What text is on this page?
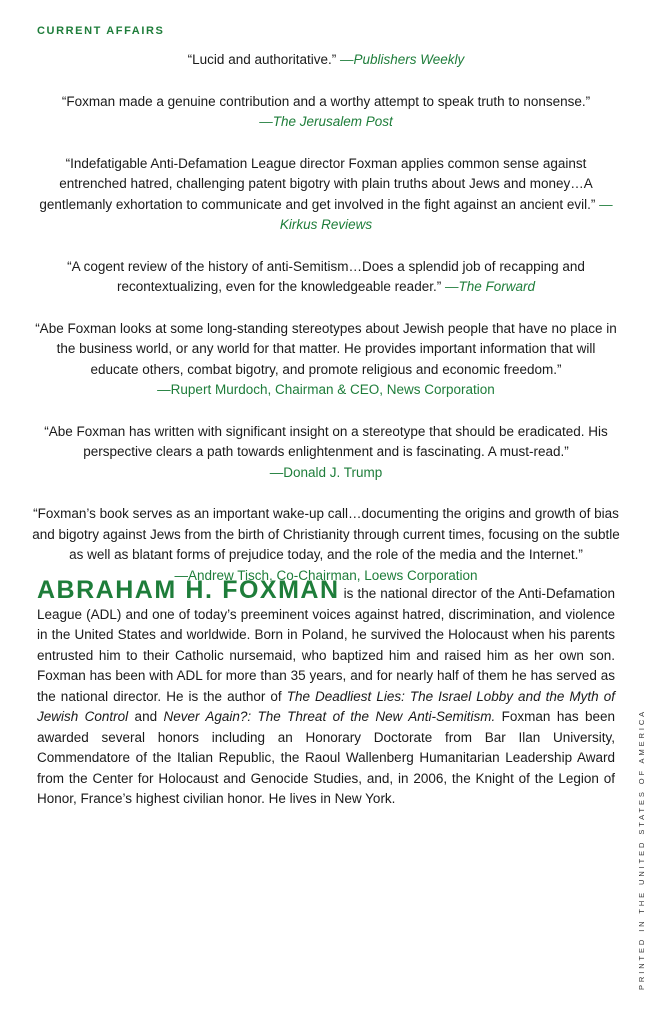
CURRENT AFFAIRS

“Lucid and authoritative.” —Publishers Weekly

“Foxman made a genuine contribution and a worthy attempt to speak truth to nonsense.”
—The Jerusalem Post

“Indefatigable Anti-Defamation League director Foxman applies common sense against entrenched hatred, challenging patent bigotry with plain truths about Jews and money…A gentlemanly exhortation to communicate and get involved in the fight against an ancient evil.” —Kirkus Reviews

“A cogent review of the history of anti-Semitism…Does a splendid job of recapping and recontextualizing, even for the knowledgeable reader.” —The Forward

“Abe Foxman looks at some long-standing stereotypes about Jewish people that have no place in the business world, or any world for that matter. He provides important information that will educate others, combat bigotry, and promote religious and economic freedom.”
—Rupert Murdoch, Chairman & CEO, News Corporation

“Abe Foxman has written with significant insight on a stereotype that should be eradicated. His perspective clears a path towards enlightenment and is fascinating. A must-read.”
—Donald J. Trump

“Foxman’s book serves as an important wake-up call…documenting the origins and growth of bias and bigotry against Jews from the birth of Christianity through current times, focusing on the subtle as well as blatant forms of prejudice today, and the role of the media and the Internet.”
—Andrew Tisch, Co-Chairman, Loews Corporation

ABRAHAM H. FOXMAN is the national director of the Anti-Defamation League (ADL) and one of today’s preeminent voices against hatred, discrimination, and violence in the United States and worldwide. Born in Poland, he survived the Holocaust when his parents entrusted him to their Catholic nursemaid, who baptized him and raised him as her own son. Foxman has been with ADL for more than 35 years, and for nearly half of them he has served as the national director. He is the author of The Deadliest Lies: The Israel Lobby and the Myth of Jewish Control and Never Again?: The Threat of the New Anti-Semitism. Foxman has been awarded several honors including an Honorary Doctorate from Bar Ilan University, Commendatore of the Italian Republic, the Raoul Wallenberg Humanitarian Leadership Award from the Center for Holocaust and Genocide Studies, and, in 2006, the Knight of the Legion of Honor, France’s highest civilian honor. He lives in New York.	PRINTED IN THE UNITED STATES OF AMERICA
